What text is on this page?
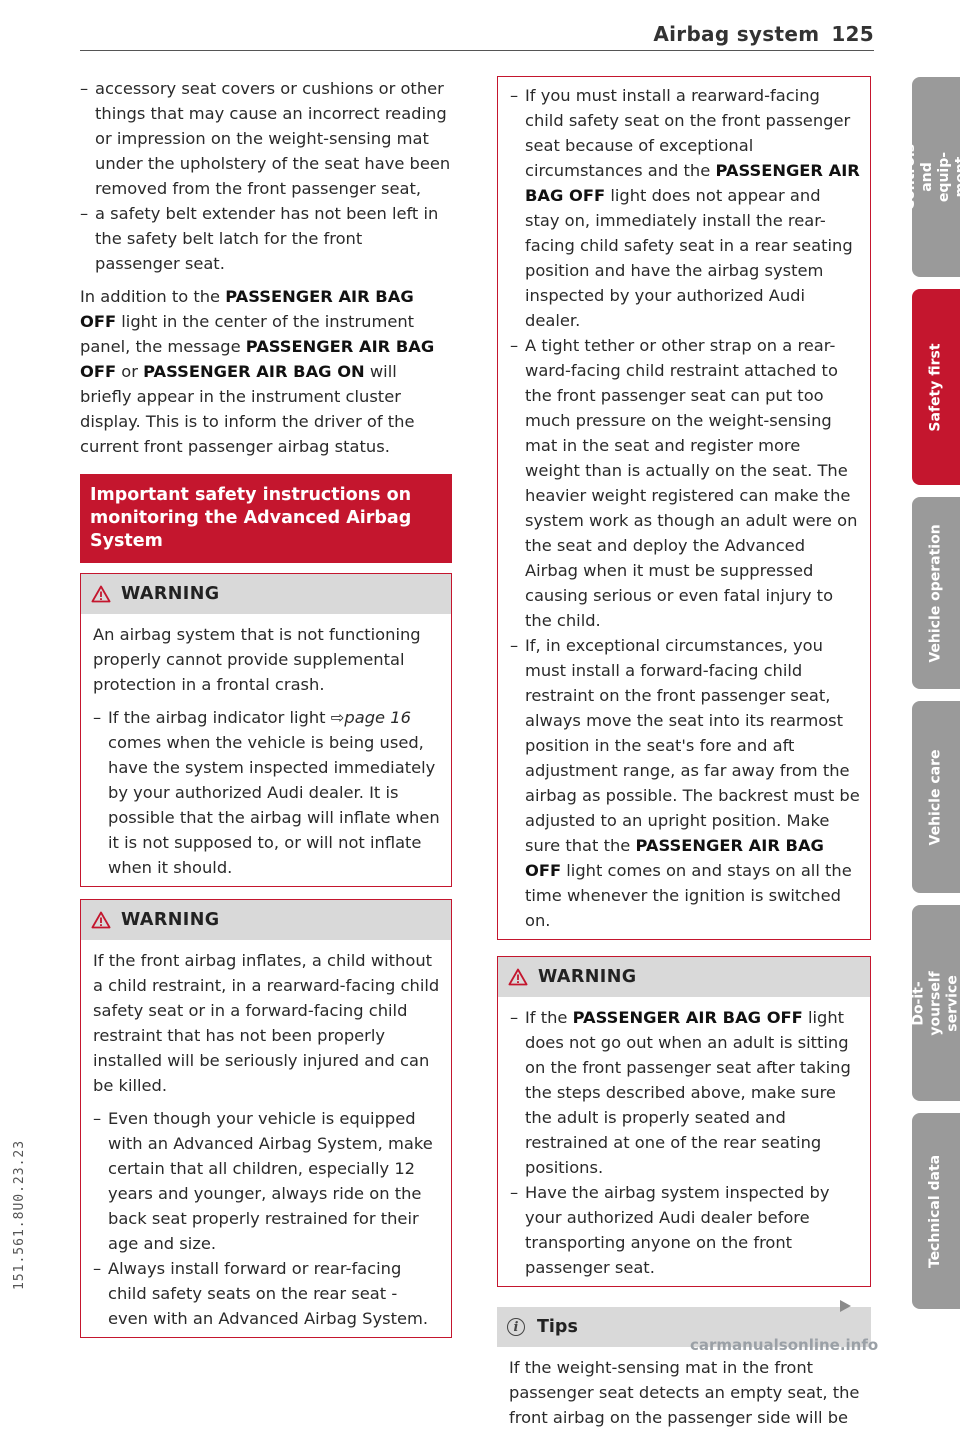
Airbag system 125
– accessory seat covers or cushions or other things that may cause an incorrect reading or impression on the weight-sensing mat under the upholstery of the seat have been removed from the front passenger seat,
– a safety belt extender has not been left in the safety belt latch for the front passenger seat.

In addition to the PASSENGER AIR BAG OFF light in the center of the instrument panel, the message PASSENGER AIR BAG OFF or PASSENGER AIR BAG ON will briefly appear in the instrument cluster display. This is to inform the driver of the current front passenger airbag status.

Important safety instructions on monitoring the Advanced Airbag System
WARNING

An airbag system that is not functioning properly cannot provide supplemental protection in a frontal crash.

– If the airbag indicator light ⇨page 16 comes when the vehicle is being used, have the system inspected immediately by your authorized Audi dealer. It is possible that the airbag will inflate when it is not supposed to, or will not inflate when it should.
WARNING

If the front airbag inflates, a child without a child restraint, in a rearward-facing child safety seat or in a forward-facing child restraint that has not been properly installed will be seriously injured and can be killed.

– Even though your vehicle is equipped with an Advanced Airbag System, make certain that all children, especially 12 years and younger, always ride on the back seat properly restrained for their age and size.
– Always install forward or rear-facing child safety seats on the rear seat - even with an Advanced Airbag System.
– If you must install a rearward-facing child safety seat on the front passenger seat because of exceptional circumstances and the PASSENGER AIR BAG OFF light does not appear and stay on, immediately install the rear-facing child safety seat in a rear seating position and have the airbag system inspected by your authorized Audi dealer.
– A tight tether or other strap on a rear-ward-facing child restraint attached to the front passenger seat can put too much pressure on the weight-sensing mat in the seat and register more weight than is actually on the seat. The heavier weight registered can make the system work as though an adult were on the seat and deploy the Advanced Airbag when it must be suppressed causing serious or even fatal injury to the child.
– If, in exceptional circumstances, you must install a forward-facing child restraint on the front passenger seat, always move the seat into its rearmost position in the seat's fore and aft adjustment range, as far away from the airbag as possible. The backrest must be adjusted to an upright position. Make sure that the PASSENGER AIR BAG OFF light comes on and stays on all the time whenever the ignition is switched on.
WARNING
– If the PASSENGER AIR BAG OFF light does not go out when an adult is sitting on the front passenger seat after taking the steps described above, make sure the adult is properly seated and restrained at one of the rear seating positions.
– Have the airbag system inspected by your authorized Audi dealer before transporting anyone on the front passenger seat.
i	Tips
If the weight-sensing mat in the front passenger seat detects an empty seat, the front airbag on the passenger side will be
Controls and equip-ment
Safety first
Vehicle operation
Vehicle care
Do-it-yourself service
Technical data
151.561.8U0.23.23
carmanualsonline.info
